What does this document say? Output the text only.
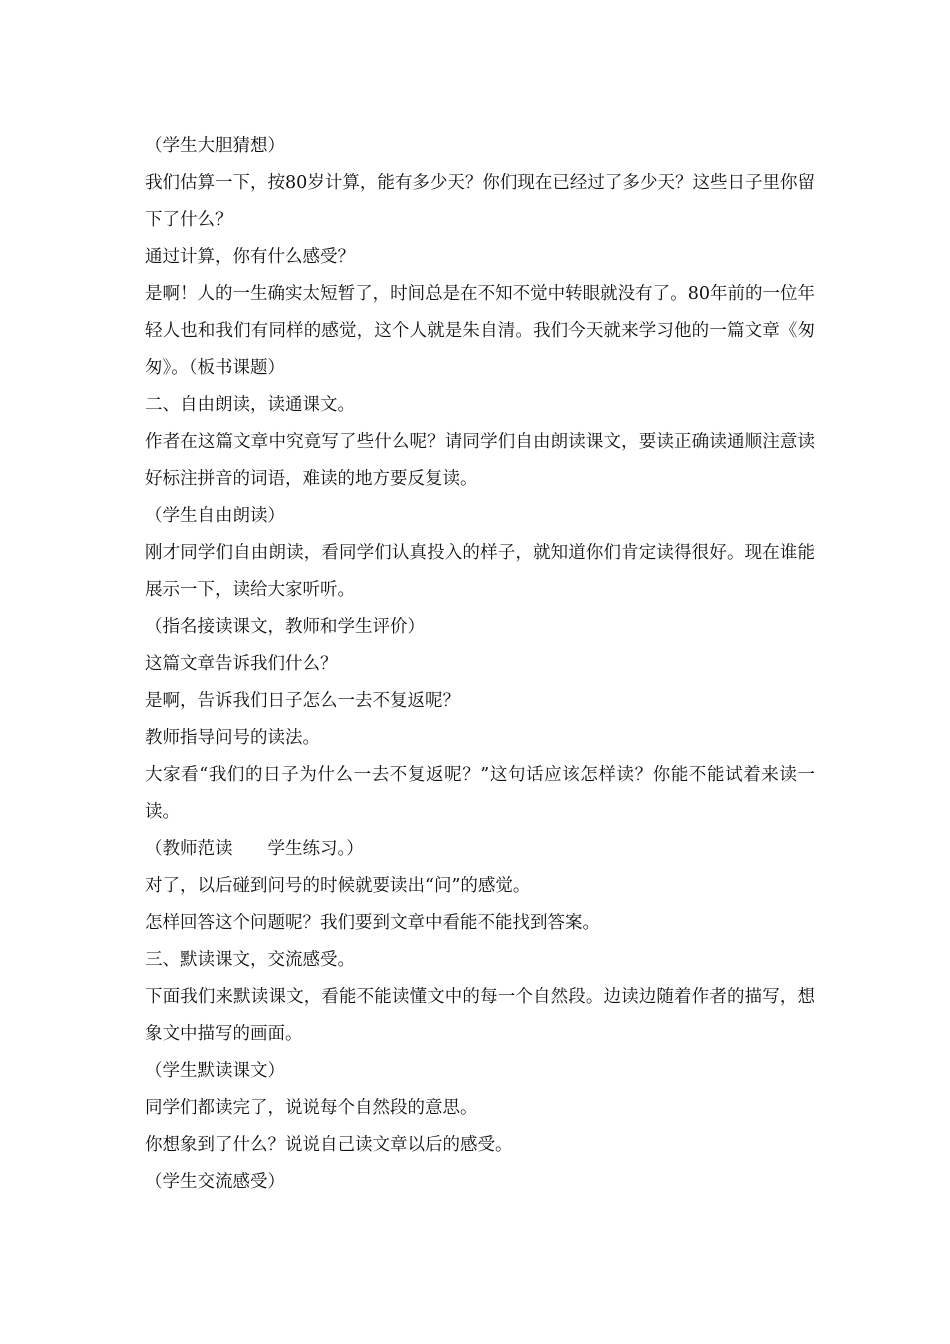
（学生大胆猜想）

我们估算一下，按80岁计算，能有多少天？你们现在已经过了多少天？这些日子里你留下了什么？

通过计算，你有什么感受？

是啊！人的一生确实太短暂了，时间总是在不知不觉中转眼就没有了。80年前的一位年轻人也和我们有同样的感觉，这个人就是朱自清。我们今天就来学习他的一篇文章《匆匆》。（板书课题）

二、自由朗读，读通课文。

作者在这篇文章中究竟写了些什么呢？请同学们自由朗读课文，要读正确读通顺注意读好标注拼音的词语，难读的地方要反复读。

（学生自由朗读）

刚才同学们自由朗读，看同学们认真投入的样子，就知道你们肯定读得很好。现在谁能展示一下，读给大家听听。

（指名接读课文，教师和学生评价）

这篇文章告诉我们什么？

是啊，告诉我们日子怎么一去不复返呢？

教师指导问号的读法。

大家看“我们的日子为什么一去不复返呢？”这句话应该怎样读？你能不能试着来读一读。

（教师范读　　学生练习。）

对了，以后碰到问号的时候就要读出“问”的感觉。

怎样回答这个问题呢？我们要到文章中看能不能找到答案。

三、默读课文，交流感受。

下面我们来默读课文，看能不能读懂文中的每一个自然段。边读边随着作者的描写，想象文中描写的画面。

（学生默读课文）

同学们都读完了，说说每个自然段的意思。

你想象到了什么？说说自己读文章以后的感受。

（学生交流感受）
